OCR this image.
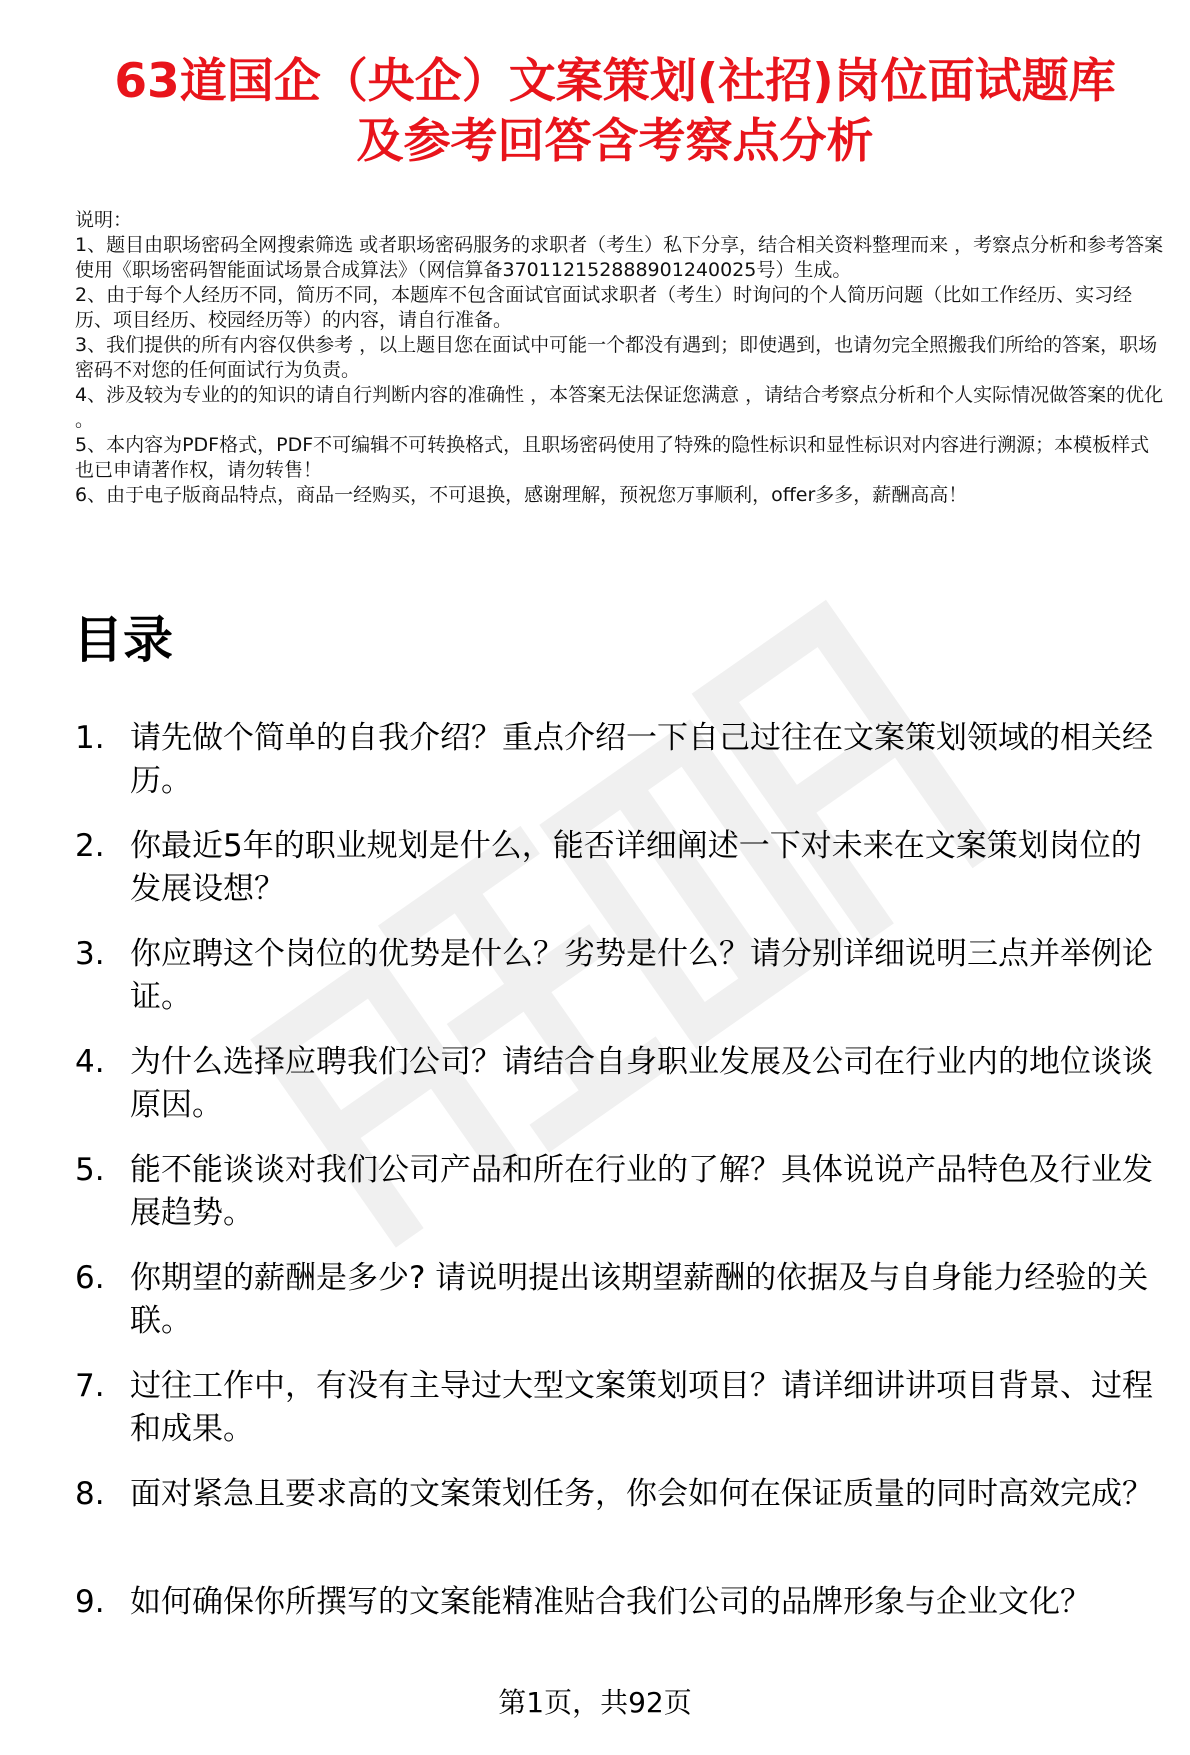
63道国企（央企）文案策划(社招)岗位面试题库
及参考回答含考察点分析

说明：

1、题目由职场密码全网搜索筛选 或者职场密码服务的求职者（考生）私下分享，结合相关资料整理而来 ，考察点分析和参考答案使用《职场密码智能面试场景合成算法》（网信算备370112152888901240025号）生成。

2、由于每个人经历不同，简历不同，本题库不包含面试官面试求职者（考生）时询问的个人简历问题（比如工作经历、实习经历、项目经历、校园经历等）的内容，请自行准备。

3、我们提供的所有内容仅供参考 ，以上题目您在面试中可能一个都没有遇到；即使遇到，也请勿完全照搬我们所给的答案，职场密码不对您的任何面试行为负责。

4、涉及较为专业的的知识的请自行判断内容的准确性 ，本答案无法保证您满意 ，请结合考察点分析和个人实际情况做答案的优化 。

5、本内容为PDF格式，PDF不可编辑不可转换格式，且职场密码使用了特殊的隐性标识和显性标识对内容进行溯源；本模板样式也已申请著作权，请勿转售！

6、由于电子版商品特点，商品一经购买，不可退换，感谢理解，预祝您万事顺利，offer多多，薪酬高高！

目录
1. 请先做个简单的自我介绍？重点介绍一下自己过往在文案策划领域的相关经历。
2. 你最近5年的职业规划是什么，能否详细阐述一下对未来在文案策划岗位的发展设想？
3. 你应聘这个岗位的优势是什么？劣势是什么？请分别详细说明三点并举例论证。
4. 为什么选择应聘我们公司？请结合自身职业发展及公司在行业内的地位谈谈原因。
5. 能不能谈谈对我们公司产品和所在行业的了解？具体说说产品特色及行业发展趋势。
6. 你期望的薪酬是多少? 请说明提出该期望薪酬的依据及与自身能力经验的关联。
7. 过往工作中，有没有主导过大型文案策划项目？请详细讲讲项目背景、过程和成果。
8. 面对紧急且要求高的文案策划任务，你会如何在保证质量的同时高效完成？
9. 如何确保你所撰写的文案能精准贴合我们公司的品牌形象与企业文化？
第1页，共92页
